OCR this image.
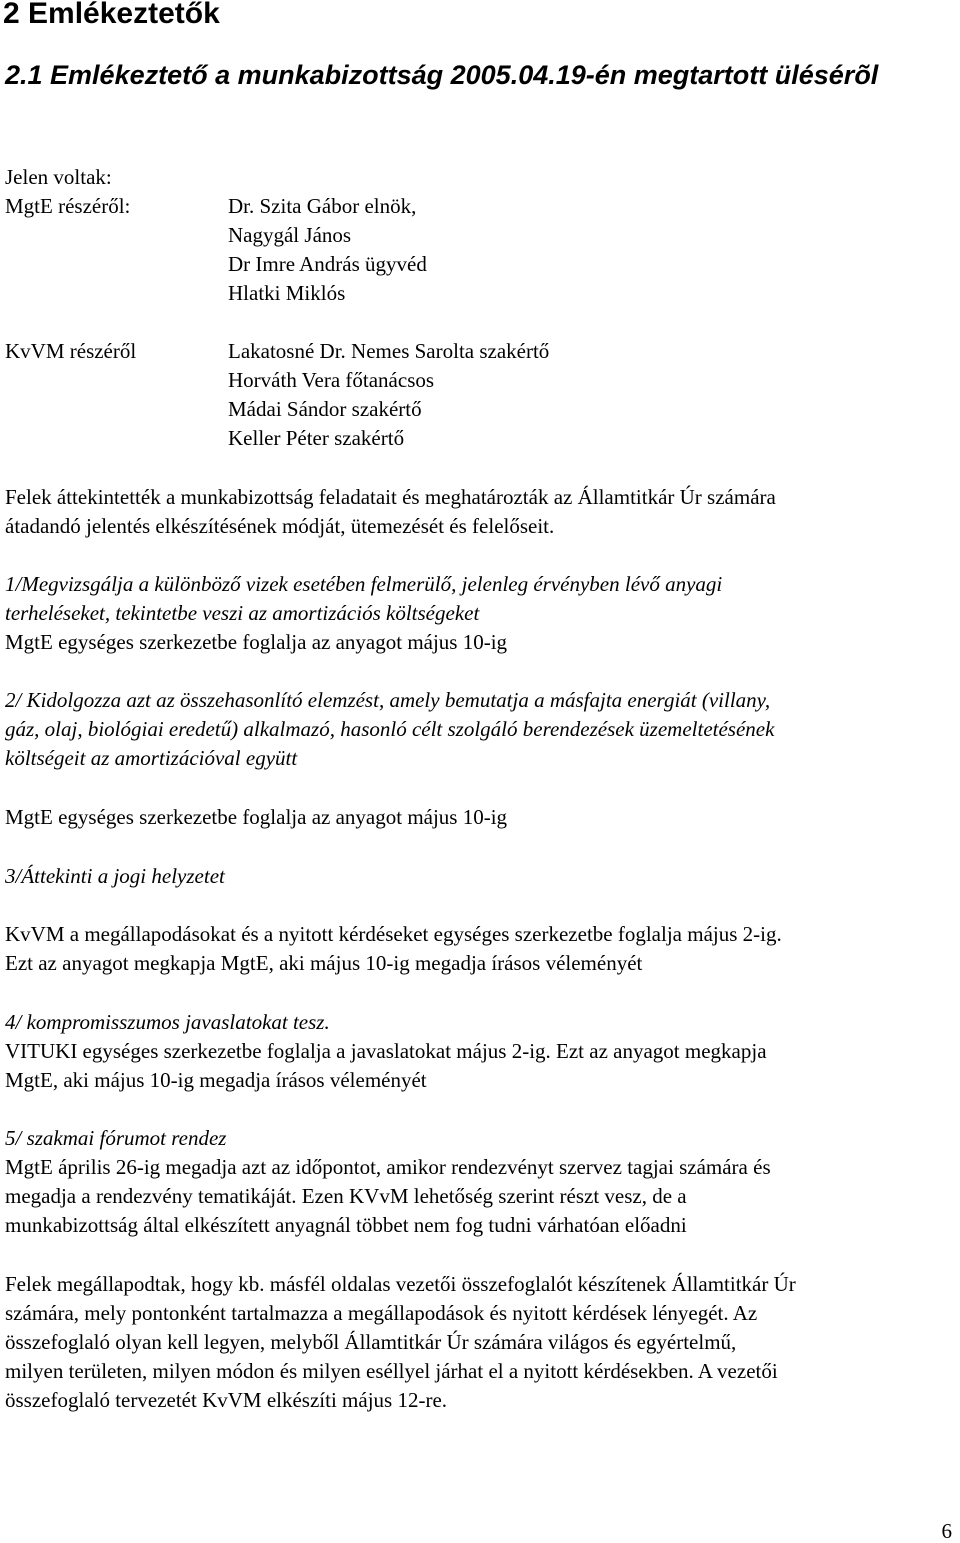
2 Emlékeztetők
2.1 Emlékeztető a munkabizottság 2005.04.19-én megtartott ülésérõl
Jelen voltak:
MgtE részéről:	Dr. Szita Gábor elnök,
Nagygál János
Dr Imre András ügyvéd
Hlatki Miklós
KvVM részéről	Lakatosné Dr. Nemes Sarolta szakértő
Horváth Vera főtanácsos
Mádai Sándor szakértő
Keller Péter szakértő

Felek áttekintették a munkabizottság feladatait és meghatározták az Államtitkár Úr számára

átadandó jelentés elkészítésének módját, ütemezését és felelőseit.

1/Megvizsgálja a különböző vizek esetében felmerülő, jelenleg érvényben lévő anyagi

terheléseket, tekintetbe veszi az amortizációs költségeket

MgtE egységes szerkezetbe foglalja az anyagot május 10-ig

2/ Kidolgozza azt az összehasonlító elemzést, amely bemutatja a másfajta energiát (villany,

gáz, olaj, biológiai eredetű) alkalmazó, hasonló célt szolgáló berendezések üzemeltetésének

költségeit az amortizációval együtt

MgtE egységes szerkezetbe foglalja az anyagot május 10-ig

3/Áttekinti a jogi helyzetet

KvVM a megállapodásokat és a nyitott kérdéseket egységes szerkezetbe foglalja május 2-ig.

Ezt az anyagot megkapja MgtE, aki május 10-ig megadja írásos véleményét

4/ kompromisszumos javaslatokat tesz.

VITUKI egységes szerkezetbe foglalja a javaslatokat május 2-ig. Ezt az anyagot megkapja

MgtE, aki május 10-ig megadja írásos véleményét

5/ szakmai fórumot rendez

MgtE április 26-ig megadja azt az időpontot, amikor rendezvényt szervez tagjai számára és

megadja a rendezvény tematikáját. Ezen KVvM lehetőség szerint részt vesz, de a

munkabizottság által elkészített anyagnál többet nem fog tudni várhatóan előadni

Felek megállapodtak, hogy kb. másfél oldalas vezetői összefoglalót készítenek Államtitkár Úr

számára, mely pontonként tartalmazza a megállapodások és nyitott kérdések lényegét. Az

összefoglaló olyan kell legyen, melyből Államtitkár Úr számára világos és egyértelmű,

milyen területen, milyen módon és milyen eséllyel járhat el a nyitott kérdésekben. A vezetői

összefoglaló tervezetét KvVM elkészíti május 12-re.

6
